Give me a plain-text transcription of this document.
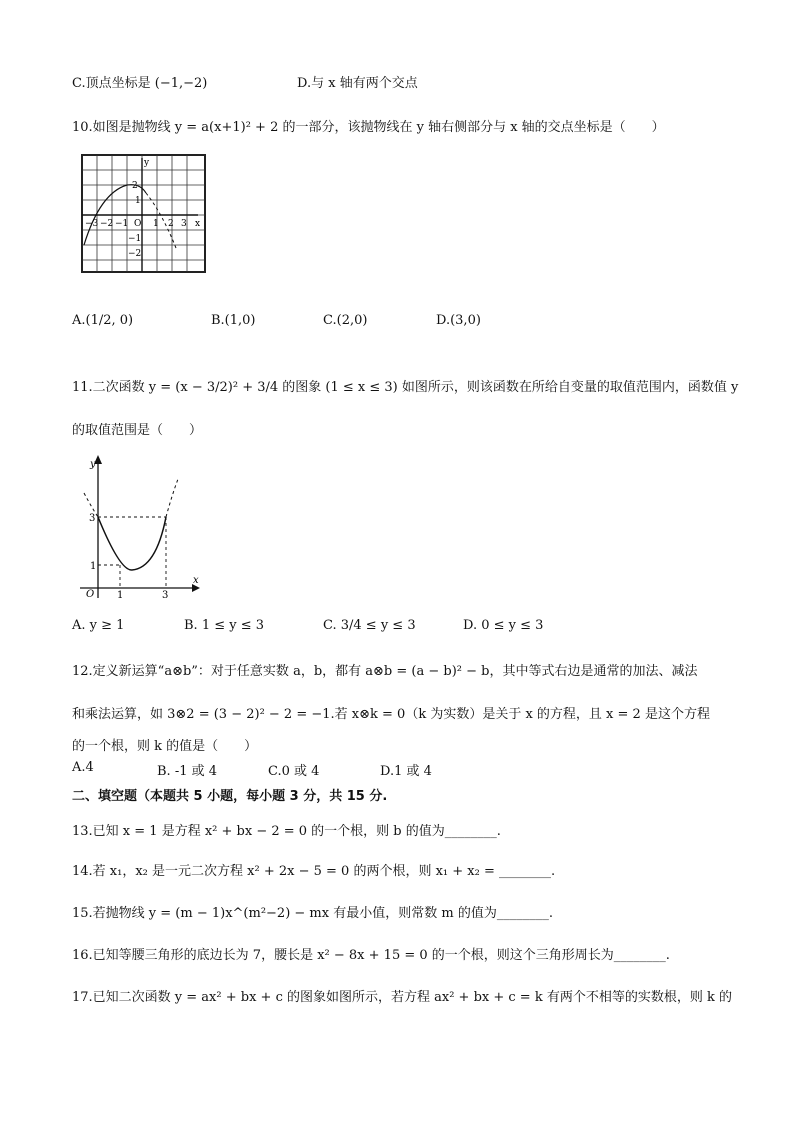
C.顶点坐标是 (−1,−2)	D.与 x 轴有两个交点
10.如图是抛物线 y = a(x+1)² + 2 的一部分，该抛物线在 y 轴右侧部分与 x 轴的交点坐标是（　　）
y
x
O
−3 −2 −1	1 2 3
2
1
−1
−2
A.(1/2, 0)	B.(1,0)	C.(2,0)	D.(3,0)
11.二次函数 y = (x − 3/2)² + 3/4 的图象 (1 ≤ x ≤ 3) 如图所示，则该函数在所给自变量的取值范围内，函数值 y
的取值范围是（　　）
y
x
O
3
1
1	3
A. y ≥ 1	B. 1 ≤ y ≤ 3	C. 3/4 ≤ y ≤ 3	D. 0 ≤ y ≤ 3
12.定义新运算“a⊗b”：对于任意实数 a，b，都有 a⊗b = (a − b)² − b，其中等式右边是通常的加法、减法
和乘法运算，如 3⊗2 = (3 − 2)² − 2 = −1.若 x⊗k = 0（k 为实数）是关于 x 的方程，且 x = 2 是这个方程
的一个根，则 k 的值是（　　）
A.4	B. -1 或 4	C.0 或 4	D.1 或 4
二、填空题（本题共 5 小题，每小题 3 分，共 15 分.
13.已知 x = 1 是方程 x² + bx − 2 = 0 的一个根，则 b 的值为________.
14.若 x₁，x₂ 是一元二次方程 x² + 2x − 5 = 0 的两个根，则 x₁ + x₂ = ________.
15.若抛物线 y = (m − 1)x^(m²−2) − mx 有最小值，则常数 m 的值为________.
16.已知等腰三角形的底边长为 7，腰长是 x² − 8x + 15 = 0 的一个根，则这个三角形周长为________.
17.已知二次函数 y = ax² + bx + c 的图象如图所示，若方程 ax² + bx + c = k 有两个不相等的实数根，则 k 的
